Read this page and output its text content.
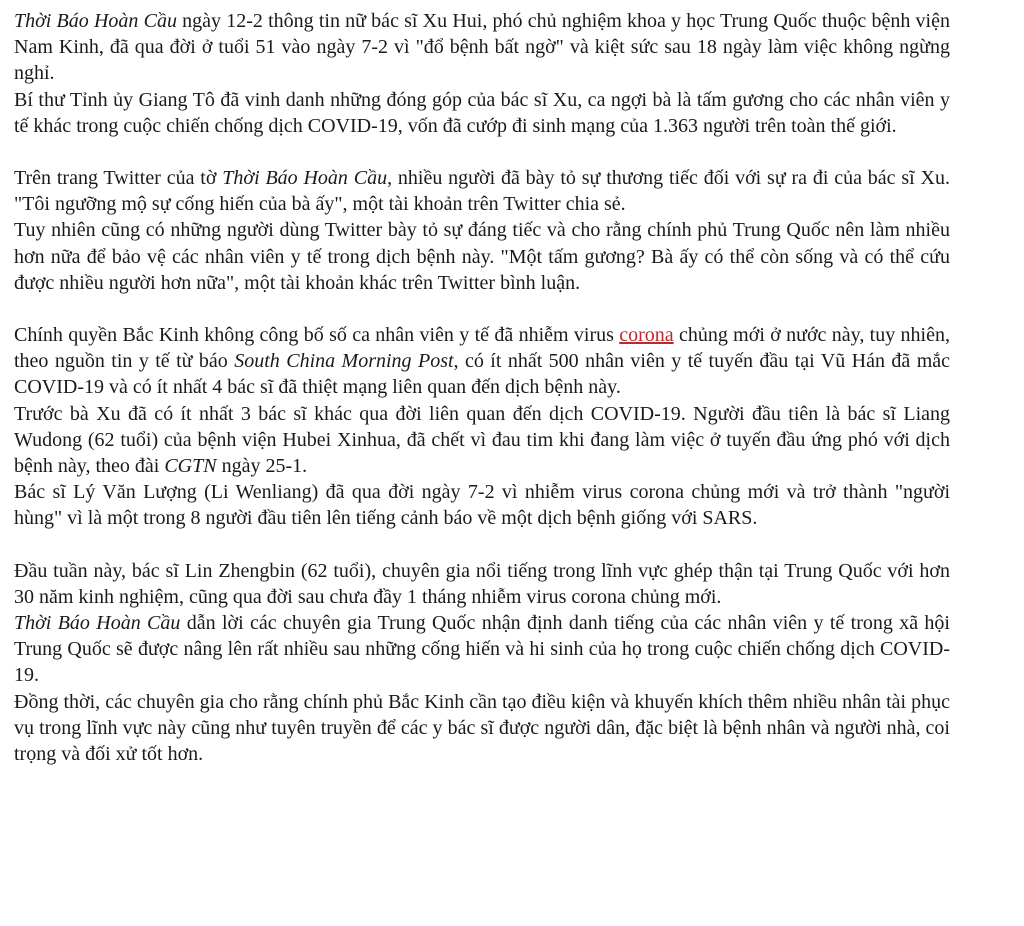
Thời Báo Hoàn Cầu ngày 12-2 thông tin nữ bác sĩ Xu Hui, phó chủ nghiệm khoa y học Trung Quốc thuộc bệnh viện Nam Kinh, đã qua đời ở tuổi 51 vào ngày 7-2 vì "đổ bệnh bất ngờ" và kiệt sức sau 18 ngày làm việc không ngừng nghỉ.

Bí thư Tỉnh ủy Giang Tô đã vinh danh những đóng góp của bác sĩ Xu, ca ngợi bà là tấm gương cho các nhân viên y tế khác trong cuộc chiến chống dịch COVID-19, vốn đã cướp đi sinh mạng của 1.363 người trên toàn thế giới.

Trên trang Twitter của tờ Thời Báo Hoàn Cầu, nhiều người đã bày tỏ sự thương tiếc đối với sự ra đi của bác sĩ Xu. "Tôi ngưỡng mộ sự cống hiến của bà ấy", một tài khoản trên Twitter chia sẻ.

Tuy nhiên cũng có những người dùng Twitter bày tỏ sự đáng tiếc và cho rằng chính phủ Trung Quốc nên làm nhiều hơn nữa để bảo vệ các nhân viên y tế trong dịch bệnh này. "Một tấm gương? Bà ấy có thể còn sống và có thể cứu được nhiều người hơn nữa", một tài khoản khác trên Twitter bình luận.

Chính quyền Bắc Kinh không công bố số ca nhân viên y tế đã nhiễm virus corona chủng mới ở nước này, tuy nhiên, theo nguồn tin y tế từ báo South China Morning Post, có ít nhất 500 nhân viên y tế tuyến đầu tại Vũ Hán đã mắc COVID-19 và có ít nhất 4 bác sĩ đã thiệt mạng liên quan đến dịch bệnh này.

Trước bà Xu đã có ít nhất 3 bác sĩ khác qua đời liên quan đến dịch COVID-19. Người đầu tiên là bác sĩ Liang Wudong (62 tuổi) của bệnh viện Hubei Xinhua, đã chết vì đau tim khi đang làm việc ở tuyến đầu ứng phó với dịch bệnh này, theo đài CGTN ngày 25-1.

Bác sĩ Lý Văn Lượng (Li Wenliang) đã qua đời ngày 7-2 vì nhiễm virus corona chủng mới và trở thành "người hùng" vì là một trong 8 người đầu tiên lên tiếng cảnh báo về một dịch bệnh giống với SARS.

Đầu tuần này, bác sĩ Lin Zhengbin (62 tuổi), chuyên gia nổi tiếng trong lĩnh vực ghép thận tại Trung Quốc với hơn 30 năm kinh nghiệm, cũng qua đời sau chưa đầy 1 tháng nhiễm virus corona chủng mới.

Thời Báo Hoàn Cầu dẫn lời các chuyên gia Trung Quốc nhận định danh tiếng của các nhân viên y tế trong xã hội Trung Quốc sẽ được nâng lên rất nhiều sau những cống hiến và hi sinh của họ trong cuộc chiến chống dịch COVID-19.

Đồng thời, các chuyên gia cho rằng chính phủ Bắc Kinh cần tạo điều kiện và khuyến khích thêm nhiều nhân tài phục vụ trong lĩnh vực này cũng như tuyên truyền để các y bác sĩ được người dân, đặc biệt là bệnh nhân và người nhà, coi trọng và đối xử tốt hơn.
